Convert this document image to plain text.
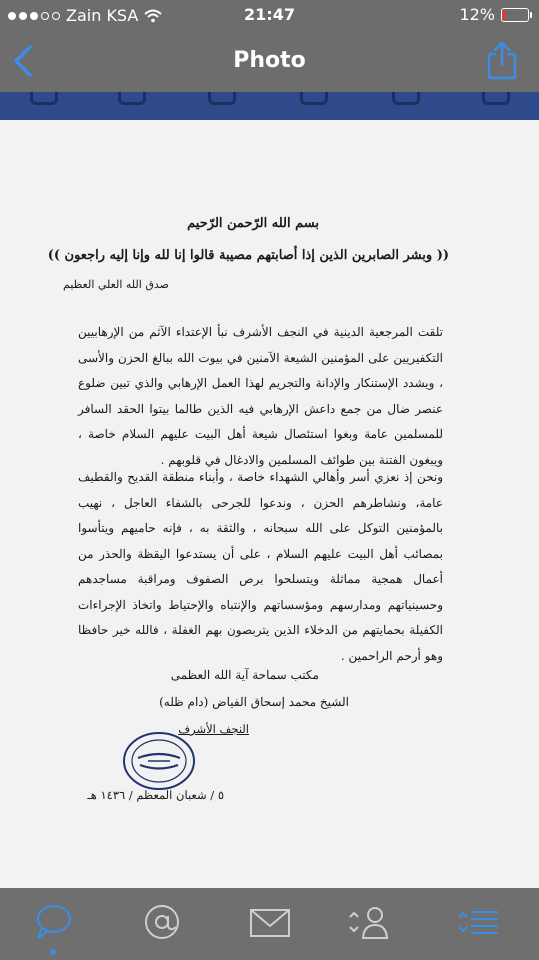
Zain KSA	21:47	12%
Photo
بسم الله الرّحمن الرّحيم
(( وبشر الصابرين الذين إذا أصابتهم مصيبة قالوا إنا لله وإنا إليه راجعون ))
صدق الله العلي العظيم
تلقت المرجعية الدينية في النجف الأشرف نبأ الإعتداء الآثم من الإرهابيين التكفيريين على المؤمنين الشيعة الآمنين في بيوت الله ببالغ الحزن والأسى ، ويشدد الإستنكار والإدانة والتجريم لهذا العمل الإرهابي والذي تبين ضلوع عنصر ضال من جمع داعش الإرهابي فيه الذين طالما بيتوا الحقد السافر للمسلمين عامة وبغوا استئصال شيعة أهل البيت عليهم السلام خاصة ، ويبغون الفتنة بين طوائف المسلمين والادغال في قلوبهم .
ونحن إذ نعزي أسر وأهالي الشهداء خاصة ، وأبناء منطقة القديح والقطيف عامة، ونشاطرهم الحزن ، وندعوا للجرحى بالشفاء العاجل ، نهيب بالمؤمنين التوكل على الله سبحانه ، والثقة به ، فإنه حاميهم ويتأسوا بمصائب أهل البيت عليهم السلام ، على أن يستدعوا اليقظة والحذر من أعمال همجية مماثلة ويتسلحوا برص الصفوف ومراقبة مساجدهم وحسينياتهم ومدارسهم ومؤسساتهم والإنتباه والإحتياط واتخاذ الإجراءات الكفيلة بحمايتهم من الدخلاء الذين يتربصون بهم الغفلة ، فالله خير حافظا وهو أرحم الراحمين .
مكتب سماحة آية الله العظمى
الشيخ محمد إسحاق الفياض (دام ظله)
النجف الأشرف
٥ / شعبان المعظم / ١٤٣٦ هـ
